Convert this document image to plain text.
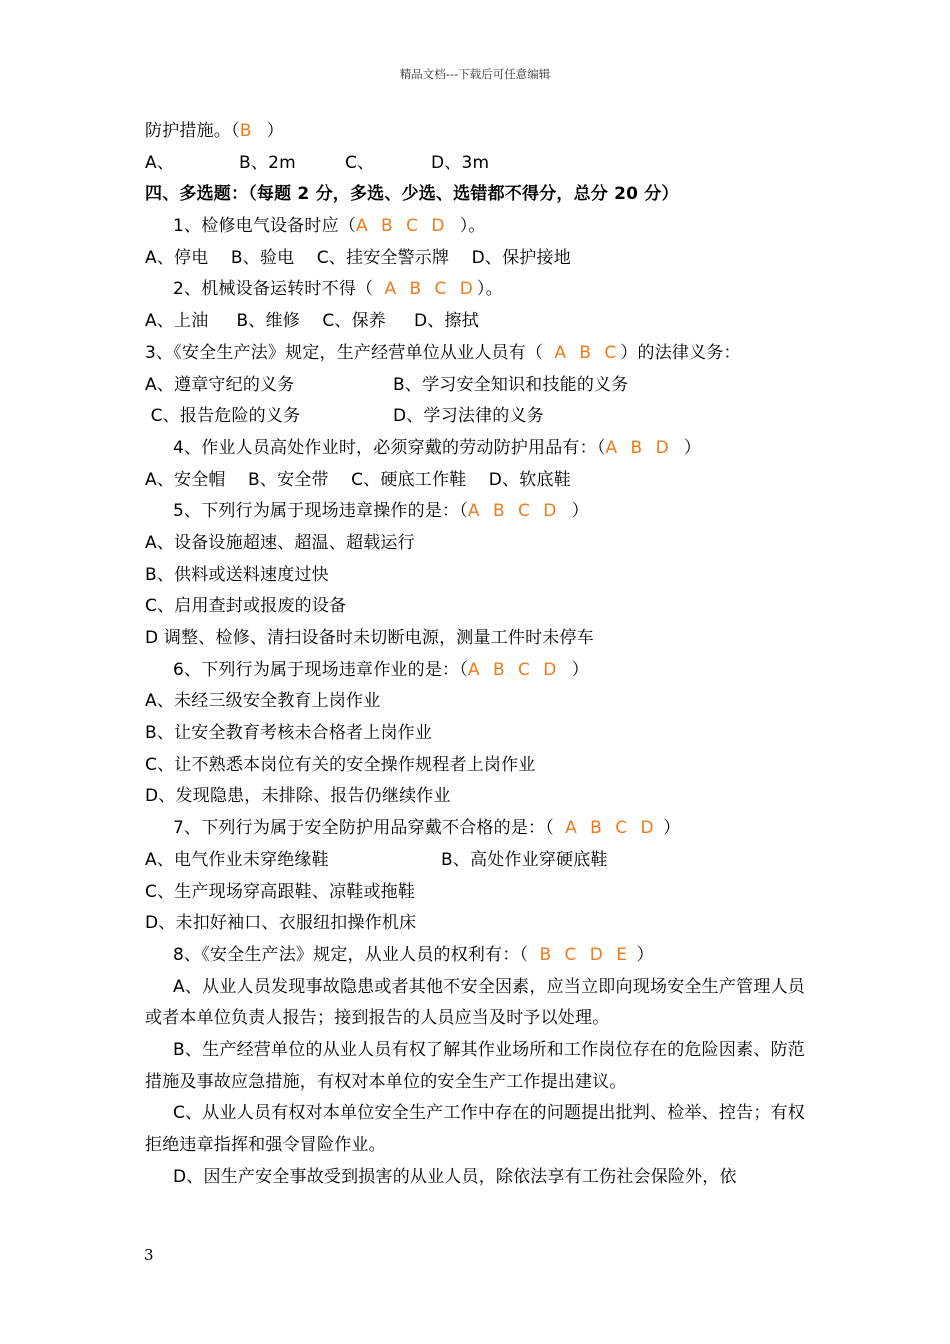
精品文档---下载后可任意编辑
防护措施。（B  ）
A、	B、2m	C、	D、3m
四、多选题：（每题 2 分，多选、少选、选错都不得分，总分 20 分）
1、检修电气设备时应（A B C D  ）。
A、停电    B、验电    C、挂安全警示牌    D、保护接地
2、机械设备运转时不得（  A B C D）。
A、上油     B、维修    C、保养     D、擦拭
3、《安全生产法》规定，生产经营单位从业人员有（  A B C）的法律义务：
A、遵章守纪的义务	B、学习安全知识和技能的义务
C、报告危险的义务	D、学习法律的义务
4、作业人员高处作业时，必须穿戴的劳动防护用品有：（A B D  ）
A、安全帽    B、安全带    C、硬底工作鞋    D、软底鞋
5、下列行为属于现场违章操作的是：（A B C D  ）
A、设备设施超速、超温、超载运行
B、供料或送料速度过快
C、启用查封或报废的设备
D 调整、检修、清扫设备时未切断电源，测量工件时未停车
6、下列行为属于现场违章作业的是：（A B C D  ）
A、未经三级安全教育上岗作业
B、让安全教育考核未合格者上岗作业
C、让不熟悉本岗位有关的安全操作规程者上岗作业
D、发现隐患，未排除、报告仍继续作业
7、下列行为属于安全防护用品穿戴不合格的是：（  A B C D ）
A、电气作业未穿绝缘鞋	B、高处作业穿硬底鞋
C、生产现场穿高跟鞋、凉鞋或拖鞋
D、未扣好袖口、衣服纽扣操作机床
8、《安全生产法》规定，从业人员的权利有：（  B C D E ）
A、从业人员发现事故隐患或者其他不安全因素，应当立即向现场安全生产管理人员或者本单位负责人报告；接到报告的人员应当及时予以处理。
B、生产经营单位的从业人员有权了解其作业场所和工作岗位存在的危险因素、防范措施及事故应急措施，有权对本单位的安全生产工作提出建议。
C、从业人员有权对本单位安全生产工作中存在的问题提出批判、检举、控告；有权拒绝违章指挥和强令冒险作业。
D、因生产安全事故受到损害的从业人员，除依法享有工伤社会保险外，依
3
